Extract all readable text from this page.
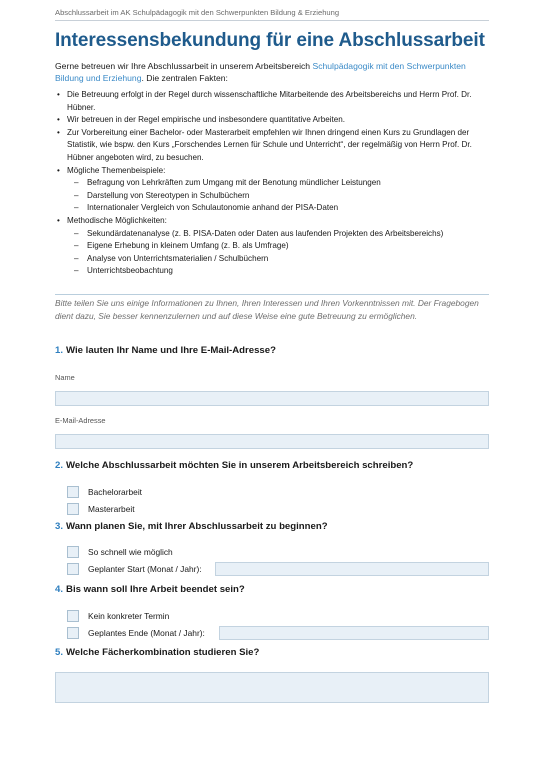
Abschlussarbeit im AK Schulpädagogik mit den Schwerpunkten Bildung & Erziehung
Interessensbekundung für eine Abschlussarbeit
Gerne betreuen wir Ihre Abschlussarbeit in unserem Arbeitsbereich Schulpädagogik mit den Schwerpunkten Bildung und Erziehung. Die zentralen Fakten:
• Die Betreuung erfolgt in der Regel durch wissenschaftliche Mitarbeitende des Arbeitsbereichs und Herrn Prof. Dr. Hübner.
• Wir betreuen in der Regel empirische und insbesondere quantitative Arbeiten.
• Zur Vorbereitung einer Bachelor- oder Masterarbeit empfehlen wir Ihnen dringend einen Kurs zu Grundlagen der Statistik, wie bspw. den Kurs „Forschendes Lernen für Schule und Unterricht“, der regelmäßig von Herrn Prof. Dr. Hübner angeboten wird, zu besuchen.
• Mögliche Themenbeispiele:
– Befragung von Lehrkräften zum Umgang mit der Benotung mündlicher Leistungen
– Darstellung von Stereotypen in Schulbüchern
– Internationaler Vergleich von Schulautonomie anhand der PISA-Daten
• Methodische Möglichkeiten:
– Sekundärdatenanalyse (z. B. PISA-Daten oder Daten aus laufenden Projekten des Arbeitsbereichs)
– Eigene Erhebung in kleinem Umfang (z. B. als Umfrage)
– Analyse von Unterrichtsmaterialien / Schulbüchern
– Unterrichtsbeobachtung
Bitte teilen Sie uns einige Informationen zu Ihnen, Ihren Interessen und Ihren Vorkenntnissen mit. Der Fragebogen dient dazu, Sie besser kennenzulernen und auf diese Weise eine gute Betreuung zu ermöglichen.
1. Wie lauten Ihr Name und Ihre E-Mail-Adresse?
Name
E-Mail-Adresse
2. Welche Abschlussarbeit möchten Sie in unserem Arbeitsbereich schreiben?
Bachelorarbeit
Masterarbeit
3. Wann planen Sie, mit Ihrer Abschlussarbeit zu beginnen?
So schnell wie möglich
Geplanter Start (Monat / Jahr):
4. Bis wann soll Ihre Arbeit beendet sein?
Kein konkreter Termin
Geplantes Ende (Monat / Jahr):
5. Welche Fächerkombination studieren Sie?
